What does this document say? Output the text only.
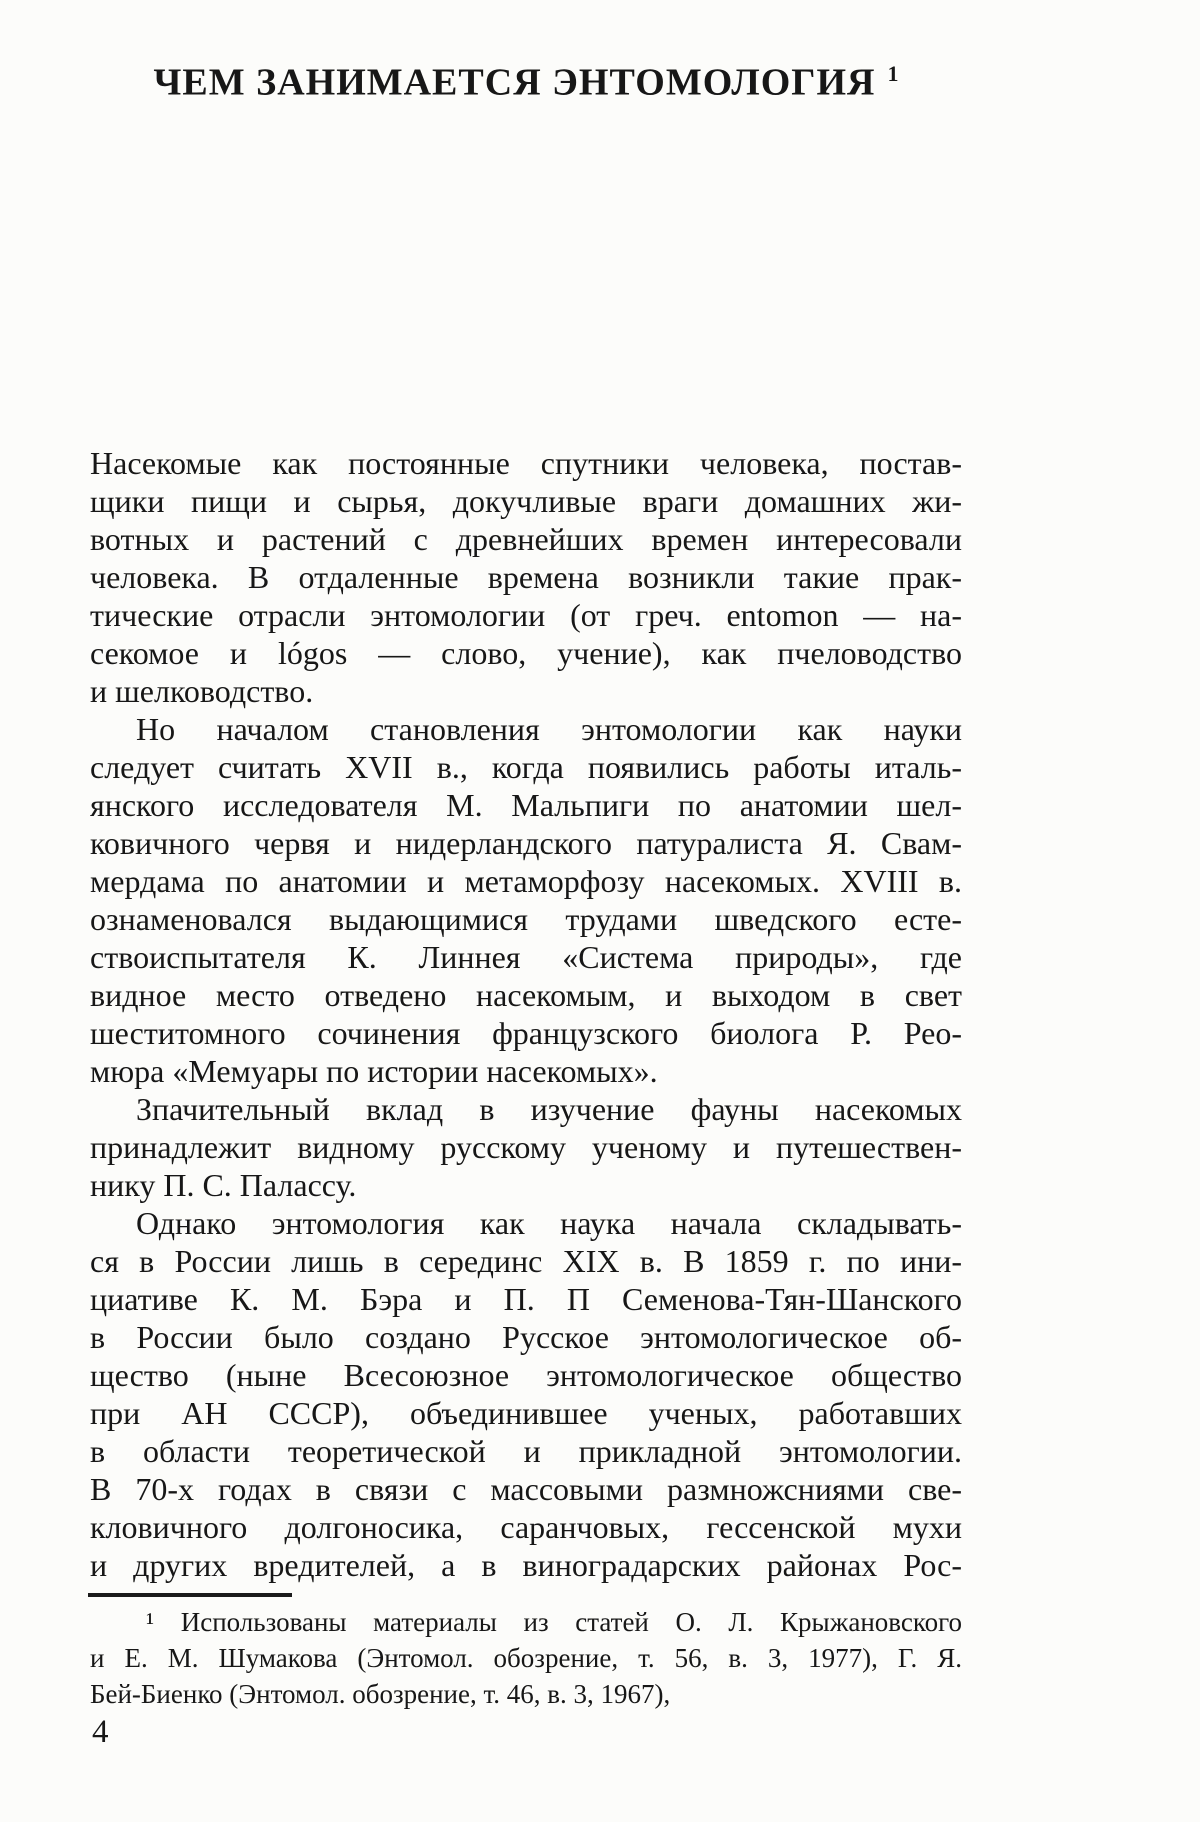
ЧЕМ ЗАНИМАЕТСЯ ЭНТОМОЛОГИЯ $^1$
Насекомые как постоянные спутники человека, постав-
щики пищи и сырья, докучливые враги домашних жи-
вотных и растений с древнейших времен интересовали
человека. В отдаленные времена возникли такие прак-
тические отрасли энтомологии (от греч. entomon — на-
секомое и lógos — слово, учение), как пчеловодство
и шелководство.
Но началом становления энтомологии как науки
следует считать XVII в., когда появились работы италь-
янского исследователя М. Мальпиги по анатомии шел-
ковичного червя и нидерландского патуралиста Я. Свам-
мердама по анатомии и метаморфозу насекомых. XVIII в.
ознаменовался выдающимися трудами шведского есте-
ствоиспытателя К. Линнея «Система природы», где
видное место отведено насекомым, и выходом в свет
шеститомного сочинения французского биолога Р. Рео-
мюра «Мемуары по истории насекомых».
Зпачительный вклад в изучение фауны насекомых
принадлежит видному русскому ученому и путешествен-
нику П. С. Палассу.
Однако энтомология как наука начала складывать-
ся в России лишь в серединс XIX в. В 1859 г. по ини-
циативе К. М. Бэра и П. П Семенова-Тян-Шанского
в России было создано Русское энтомологическое об-
щество (ныне Всесоюзное энтомологическое общество
при АН СССР), объединившее ученых, работавших
в области теоретической и прикладной энтомологии.
В 70-х годах в связи с массовыми размножсниями све-
кловичного долгоносика, саранчовых, гессенской мухи
и других вредителей, а в виноградарских районах Рос-
¹ Использованы материалы из статей О. Л. Крыжановского
и Е. М. Шумакова (Энтомол. обозрение, т. 56, в. 3, 1977), Г. Я.
Бей-Биенко (Энтомол. обозрение, т. 46, в. 3, 1967),
4
